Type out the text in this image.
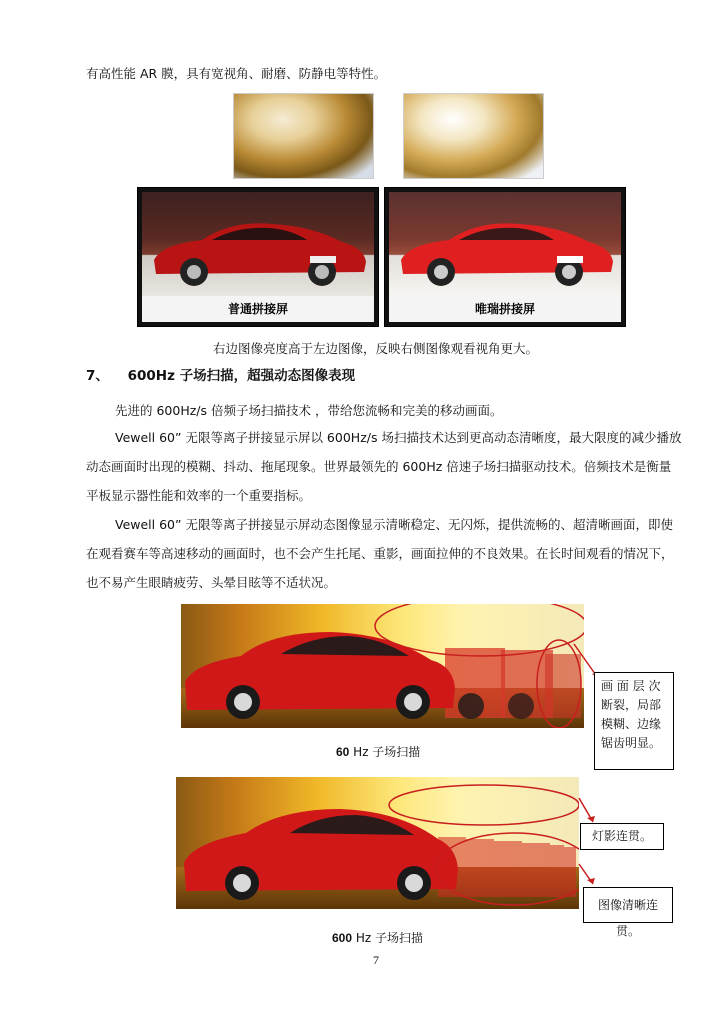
有高性能 AR 膜，具有宽视角、耐磨、防静电等特性。
普通拼接屏	唯瑞拼接屏
右边图像亮度高于左边图像，反映右侧图像观看视角更大。
7、 600Hz 子场扫描，超强动态图像表现
先进的 600Hz/s 倍频子场扫描技术 ，带给您流畅和完美的移动画面。
Vewell 60” 无限等离子拼接显示屏以 600Hz/s 场扫描技术达到更高动态清晰度，最大限度的减少播放
动态画面时出现的模糊、抖动、拖尾现象。世界最领先的 600Hz 倍速子场扫描驱动技术。倍频技术是衡量
平板显示器性能和效率的一个重要指标。
Vewell 60” 无限等离子拼接显示屏动态图像显示清晰稳定、无闪烁，提供流畅的、超清晰画面，即使
在观看赛车等高速移动的画面时，也不会产生托尾、重影，画面拉伸的不良效果。在长时间观看的情况下，
也不易产生眼睛疲劳、头晕目眩等不适状况。
画 面 层 次
断裂，局部
模糊、边缘
锯齿明显。
60 Hz 子场扫描
灯影连贯。
图像清晰连贯。
600 Hz 子场扫描
7
